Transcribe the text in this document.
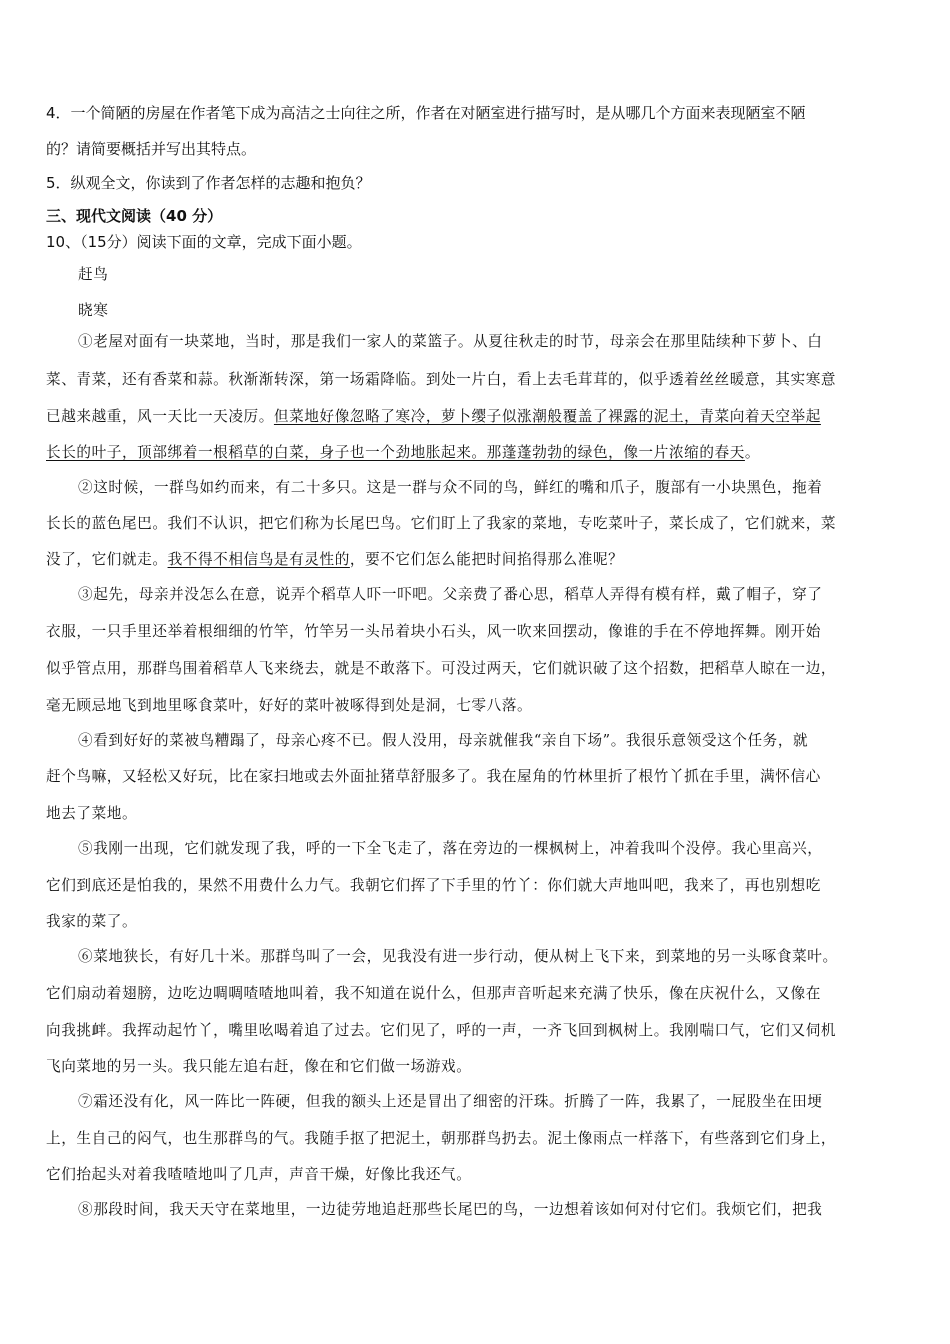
4．一个简陋的房屋在作者笔下成为高洁之士向往之所，作者在对陋室进行描写时，是从哪几个方面来表现陋室不陋
的？请简要概括并写出其特点。
5．纵观全文，你读到了作者怎样的志趣和抱负？
三、现代文阅读（40 分）
10、（15分）阅读下面的文章，完成下面小题。
赶鸟
晓寒
①老屋对面有一块菜地，当时，那是我们一家人的菜篮子。从夏往秋走的时节，母亲会在那里陆续种下萝卜、白
菜、青菜，还有香菜和蒜。秋渐渐转深，第一场霜降临。到处一片白，看上去毛茸茸的，似乎透着丝丝暖意，其实寒意
已越来越重，风一天比一天凌厉。但菜地好像忽略了寒冷，萝卜缨子似涨潮般覆盖了裸露的泥土，青菜向着天空举起
长长的叶子，顶部绑着一根稻草的白菜，身子也一个劲地胀起来。那蓬蓬勃勃的绿色，像一片浓缩的春天。
②这时候，一群鸟如约而来，有二十多只。这是一群与众不同的鸟，鲜红的嘴和爪子，腹部有一小块黑色，拖着
长长的蓝色尾巴。我们不认识，把它们称为长尾巴鸟。它们盯上了我家的菜地，专吃菜叶子，菜长成了，它们就来，菜
没了，它们就走。我不得不相信鸟是有灵性的，要不它们怎么能把时间掐得那么准呢？
③起先，母亲并没怎么在意，说弄个稻草人吓一吓吧。父亲费了番心思，稻草人弄得有模有样，戴了帽子，穿了
衣服，一只手里还举着根细细的竹竿，竹竿另一头吊着块小石头，风一吹来回摆动，像谁的手在不停地挥舞。刚开始
似乎管点用，那群鸟围着稻草人飞来绕去，就是不敢落下。可没过两天，它们就识破了这个招数，把稻草人晾在一边，
毫无顾忌地飞到地里啄食菜叶，好好的菜叶被啄得到处是洞，七零八落。
④看到好好的菜被鸟糟蹋了，母亲心疼不已。假人没用，母亲就催我“亲自下场”。我很乐意领受这个任务，就
赶个鸟嘛，又轻松又好玩，比在家扫地或去外面扯猪草舒服多了。我在屋角的竹林里折了根竹丫抓在手里，满怀信心
地去了菜地。
⑤我刚一出现，它们就发现了我，呼的一下全飞走了，落在旁边的一棵枫树上，冲着我叫个没停。我心里高兴，
它们到底还是怕我的，果然不用费什么力气。我朝它们挥了下手里的竹丫：你们就大声地叫吧，我来了，再也别想吃
我家的菜了。
⑥菜地狭长，有好几十米。那群鸟叫了一会，见我没有进一步行动，便从树上飞下来，到菜地的另一头啄食菜叶。
它们扇动着翅膀，边吃边啁啁喳喳地叫着，我不知道在说什么，但那声音听起来充满了快乐，像在庆祝什么，又像在
向我挑衅。我挥动起竹丫，嘴里吆喝着追了过去。它们见了，呼的一声，一齐飞回到枫树上。我刚喘口气，它们又伺机
飞向菜地的另一头。我只能左追右赶，像在和它们做一场游戏。
⑦霜还没有化，风一阵比一阵硬，但我的额头上还是冒出了细密的汗珠。折腾了一阵，我累了，一屁股坐在田埂
上，生自己的闷气，也生那群鸟的气。我随手抠了把泥土，朝那群鸟扔去。泥土像雨点一样落下，有些落到它们身上，
它们抬起头对着我喳喳地叫了几声，声音干燥，好像比我还气。
⑧那段时间，我天天守在菜地里，一边徒劳地追赶那些长尾巴的鸟，一边想着该如何对付它们。我烦它们，把我
